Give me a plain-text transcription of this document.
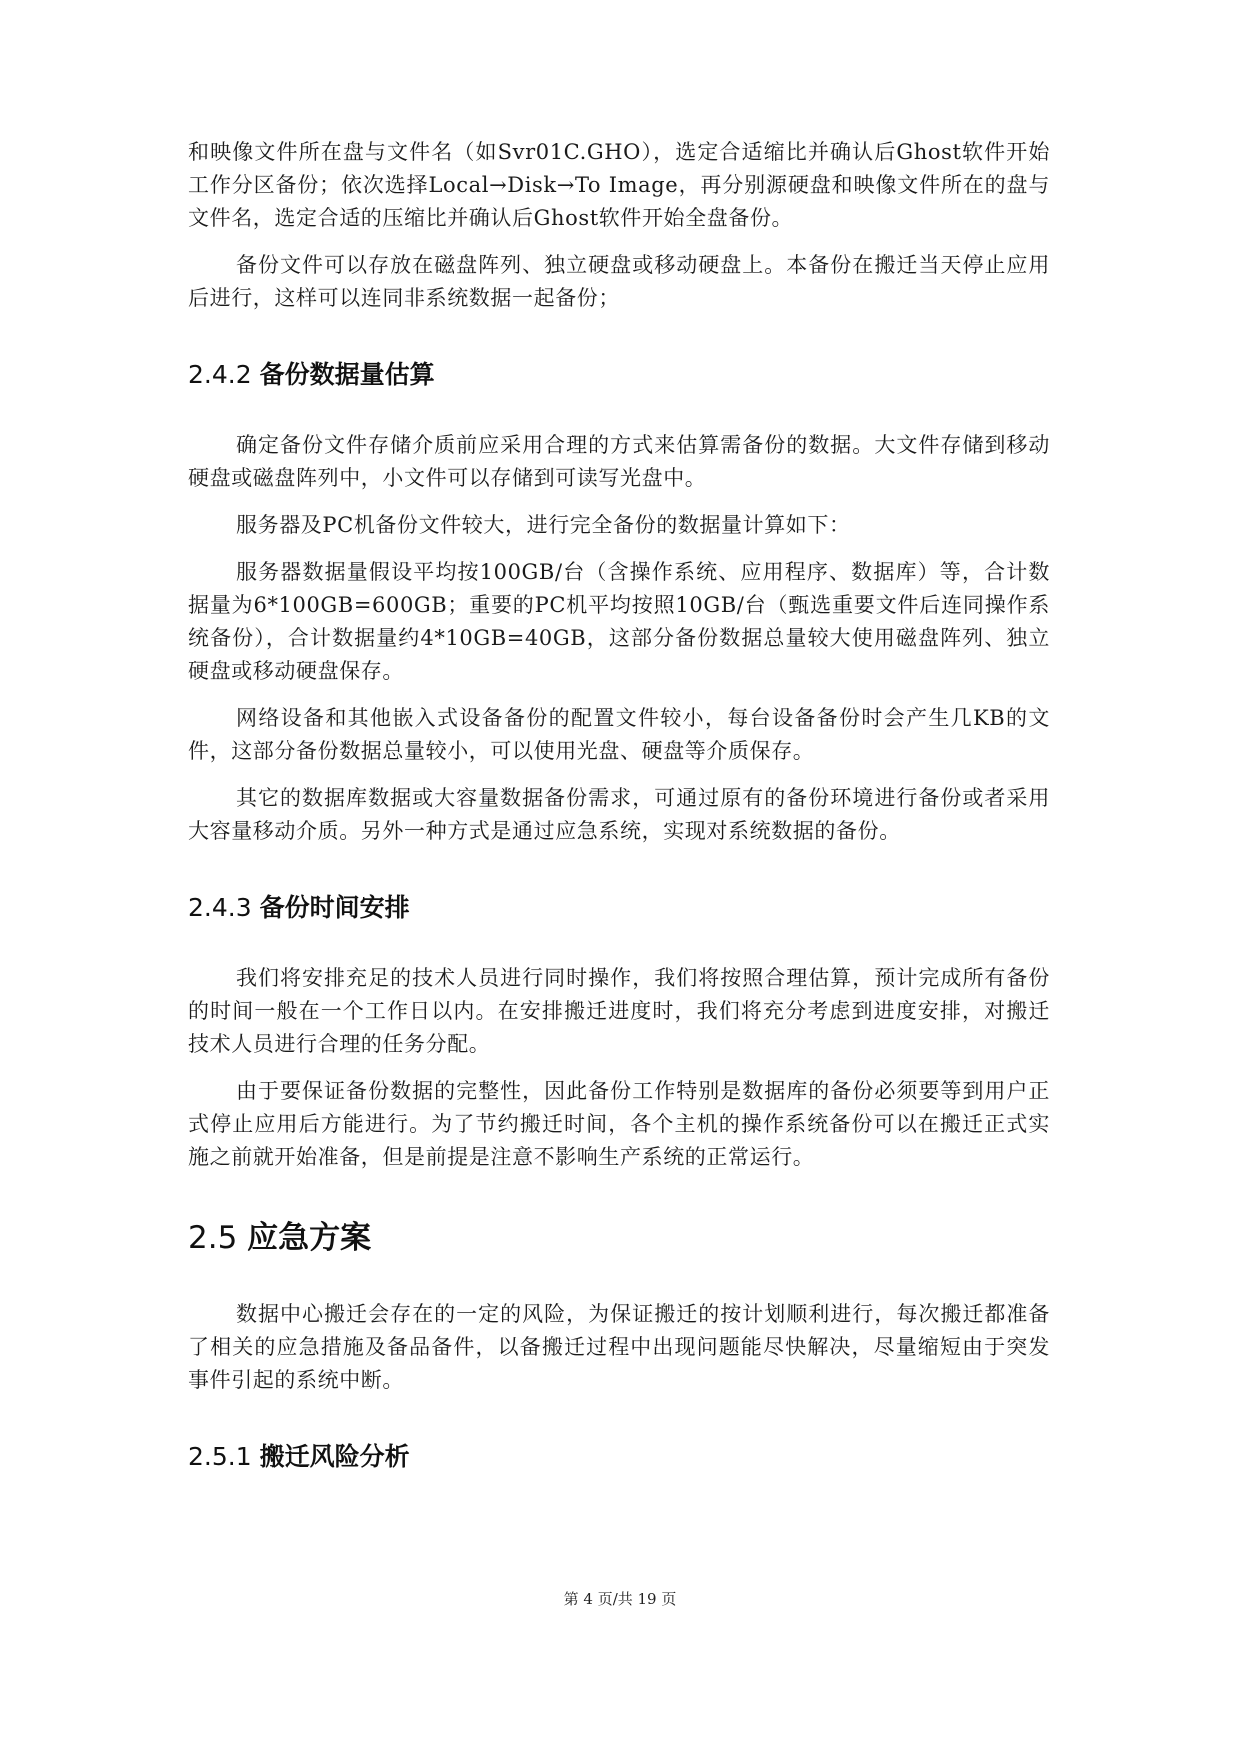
和映像文件所在盘与文件名（如Svr01C.GHO），选定合适缩比并确认后Ghost软件开始工作分区备份；依次选择Local→Disk→To Image，再分别源硬盘和映像文件所在的盘与文件名，选定合适的压缩比并确认后Ghost软件开始全盘备份。

备份文件可以存放在磁盘阵列、独立硬盘或移动硬盘上。本备份在搬迁当天停止应用后进行，这样可以连同非系统数据一起备份；

2.4.2 备份数据量估算

确定备份文件存储介质前应采用合理的方式来估算需备份的数据。大文件存储到移动硬盘或磁盘阵列中，小文件可以存储到可读写光盘中。

服务器及PC机备份文件较大，进行完全备份的数据量计算如下：

服务器数据量假设平均按100GB/台（含操作系统、应用程序、数据库）等，合计数据量为6*100GB=600GB；重要的PC机平均按照10GB/台（甄选重要文件后连同操作系统备份），合计数据量约4*10GB=40GB，这部分备份数据总量较大使用磁盘阵列、独立硬盘或移动硬盘保存。

网络设备和其他嵌入式设备备份的配置文件较小，每台设备备份时会产生几KB的文件，这部分备份数据总量较小，可以使用光盘、硬盘等介质保存。

其它的数据库数据或大容量数据备份需求，可通过原有的备份环境进行备份或者采用大容量移动介质。另外一种方式是通过应急系统，实现对系统数据的备份。

2.4.3 备份时间安排

我们将安排充足的技术人员进行同时操作，我们将按照合理估算，预计完成所有备份的时间一般在一个工作日以内。在安排搬迁进度时，我们将充分考虑到进度安排，对搬迁技术人员进行合理的任务分配。

由于要保证备份数据的完整性，因此备份工作特别是数据库的备份必须要等到用户正式停止应用后方能进行。为了节约搬迁时间，各个主机的操作系统备份可以在搬迁正式实施之前就开始准备，但是前提是注意不影响生产系统的正常运行。

2.5 应急方案

数据中心搬迁会存在的一定的风险，为保证搬迁的按计划顺利进行，每次搬迁都准备了相关的应急措施及备品备件，以备搬迁过程中出现问题能尽快解决，尽量缩短由于突发事件引起的系统中断。

2.5.1 搬迁风险分析
第 4 页/共 19 页
